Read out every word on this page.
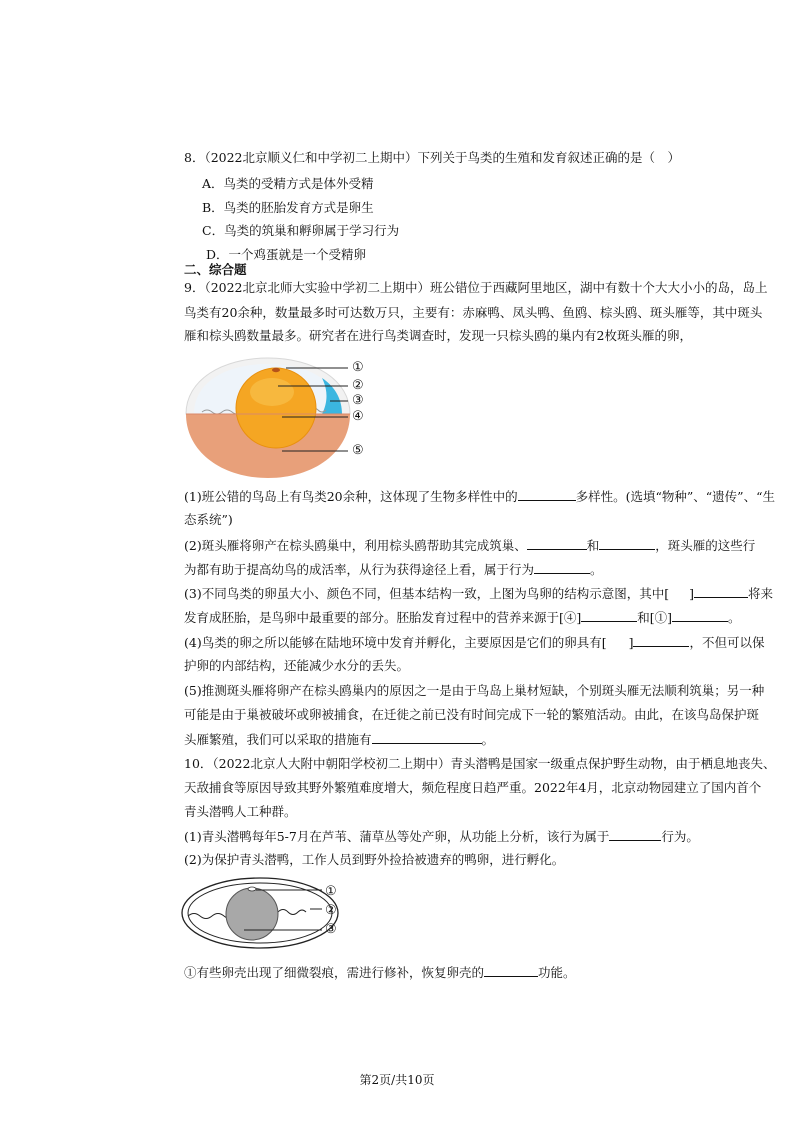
8．（2022北京顺义仁和中学初二上期中）下列关于鸟类的生殖和发育叙述正确的是（　）
A．鸟类的受精方式是体外受精
B．鸟类的胚胎发育方式是卵生
C．鸟类的筑巢和孵卵属于学习行为
D．一个鸡蛋就是一个受精卵
二、综合题
9．（2022北京北师大实验中学初二上期中）班公错位于西藏阿里地区，湖中有数十个大大小小的岛，岛上
鸟类有20余种，数量最多时可达数万只，主要有：赤麻鸭、凤头鸭、鱼鸥、棕头鸥、斑头雁等，其中斑头
雁和棕头鸥数量最多。研究者在进行鸟类调查时，发现一只棕头鸥的巢内有2枚斑头雁的卵，
①
②
③
④
⑤
(1)班公错的鸟岛上有鸟类20余种，这体现了生物多样性中的	多样性。(选填“物种”、“遗传”、“生
态系统”)
(2)斑头雁将卵产在棕头鸥巢中，利用棕头鸥帮助其完成筑巢、	和	，斑头雁的这些行
为都有助于提高幼鸟的成活率，从行为获得途径上看，属于行为	。
(3)不同鸟类的卵虽大小、颜色不同，但基本结构一致，上图为鸟卵的结构示意图，其中[ ]	将来
发育成胚胎，是鸟卵中最重要的部分。胚胎发育过程中的营养来源于[④]	和[①]	。
(4)鸟类的卵之所以能够在陆地环境中发育并孵化，主要原因是它们的卵具有[ ]	，不但可以保
护卵的内部结构，还能减少水分的丢失。
(5)推测斑头雁将卵产在棕头鸥巢内的原因之一是由于鸟岛上巢材短缺，个别斑头雁无法顺利筑巢；另一种
可能是由于巢被破坏或卵被捕食，在迁徙之前已没有时间完成下一轮的繁殖活动。由此，在该鸟岛保护斑
头雁繁殖，我们可以采取的措施有	。
10．（2022北京人大附中朝阳学校初二上期中）青头潜鸭是国家一级重点保护野生动物，由于栖息地丧失、
天敌捕食等原因导致其野外繁殖难度增大，频危程度日趋严重。2022年4月，北京动物园建立了国内首个
青头潜鸭人工种群。
(1)青头潜鸭每年5-7月在芦苇、蒲草丛等处产卵，从功能上分析，该行为属于	行为。
(2)为保护青头潜鸭，工作人员到野外捡拾被遗弃的鸭卵，进行孵化。
①
②
③
①有些卵壳出现了细微裂痕，需进行修补，恢复卵壳的	功能。
第2页/共10页
